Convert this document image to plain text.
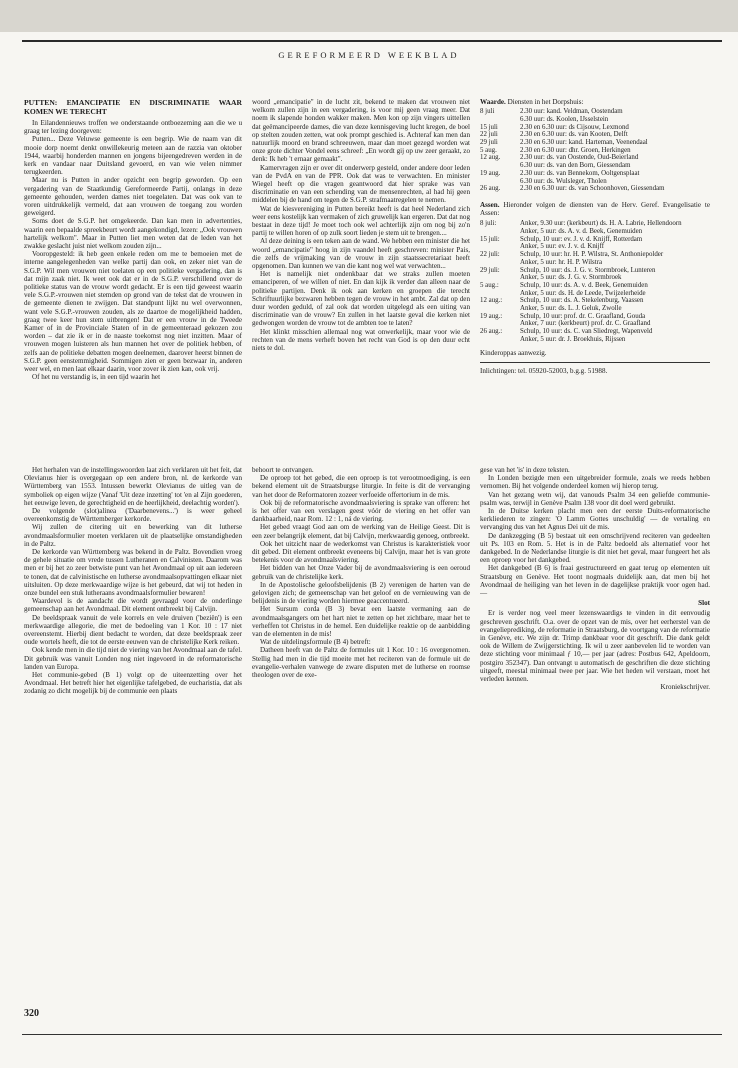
GEREFORMEERD WEEKBLAD
PUTTEN: EMANCIPATIE EN DISCRIMINATIE WAAR KOMEN WE TERECHT

In Eilandennieuws troffen we onderstaande ontboezeming aan die we u graag ter lezing doorgeven:

Putten... Deze Veluwse gemeente is een begrip. Wie de naam van dit mooie dorp noemt denkt onwillekeurig meteen aan de razzia van oktober 1944, waarbij honderden mannen en jongens bijeengedreven werden in de kerk en vandaar naar Duitsland gevoerd, en van wie velen nimmer terugkeerden.

Maar nu is Putten in ander opzicht een begrip geworden. Op een vergadering van de Staatkundig Gereformeerde Partij, onlangs in deze gemeente gehouden, werden dames niet toegelaten. Dat was ook van te voren uitdrukkelijk vermeld, dat aan vrouwen de toegang zou worden geweigerd.

Soms doet de S.G.P. het omgekeerde. Dan kan men in advertenties, waarin een bepaalde spreekbeurt wordt aangekondigd, lezen: „Ook vrouwen hartelijk welkom". Maar in Putten liet men weten dat de leden van het zwakke geslacht juist niet welkom zouden zijn...

Vooropgesteld: ik heb geen enkele reden om me te bemoeien met de interne aangelegenheden van welke partij dan ook, en zeker niet van de S.G.P. Wil men vrouwen niet toelaten op een politieke vergadering, dan is dat mijn zaak niet. Ik weet ook dat er in de S.G.P. verschillend over de politieke status van de vrouw wordt gedacht. Er is een tijd geweest waarin vele S.G.P.-vrouwen niet stemden op grond van de tekst dat de vrouwen in de gemeente dienen te zwijgen. Dat standpunt lijkt nu wel overwonnen, want vele S.G.P.-vrouwen zouden, als ze daartoe de mogelijkheid hadden, graag twee keer hun stem uitbrengen! Dat er een vrouw in de Tweede Kamer of in de Provinciale Staten of in de gemeenteraad gekozen zou worden – dat zie ik er in de naaste toekomst nog niet inzitten. Maar of vrouwen mogen luisteren als hun mannen het over de politiek hebben, of zelfs aan de politieke debatten mogen deelnemen, daarover heerst binnen de S.G.P. geen eenstemmigheid. Sommigen zien er geen bezwaar in, anderen weer wel, en men laat elkaar daarin, voor zover ik zien kan, ook vrij.

Of het nu verstandig is, in een tijd waarin het

woord „emancipatie" in de lucht zit, bekend te maken dat vrouwen niet welkom zullen zijn in een vergadering, is voor mij geen vraag meer. Dat noem ik slapende honden wakker maken. Men kon op zijn vingers uittellen dat geëmancipeerde dames, die van deze kennisgeving lucht kregen, de boel op stelten zouden zetten, wat ook prompt geschied is. Achteraf kan men dan natuurlijk moord en brand schreeuwen, maar dan moet gezegd worden wat onze grote dichter Vondel eens schreef: „En wordt gij op uw zeer geraakt, zo denk: Ik heb 't ernaar gemaakt".

Kamervragen zijn er over dit onderwerp gesteld, onder andere door leden van de PvdA en van de PPR. Ook dat was te verwachten. En minister Wiegel heeft op die vragen geantwoord dat hier sprake was van discriminatie en van een schending van de mensenrechten, al had hij geen middelen bij de hand om tegen de S.G.P. strafmaatregelen te nemen.

Wat de kiesvereniging in Putten bereikt heeft is dat heel Nederland zich weer eens kostelijk kan vermaken of zich gruwelijk kan ergeren. Dat dat nog bestaat in deze tijd! Je moet toch ook wel achterlijk zijn om nog bij zo'n partij te willen horen of op zulk soort lieden je stem uit te brengen....

Al deze deining is een teken aan de wand. We hebben een minister die het woord „emancipatie" hoog in zijn vaandel heeft geschreven: minister Pais, die zelfs de vrijmaking van de vrouw in zijn staatssecretariaat heeft opgenomen. Dan kunnen we van die kant nog wel wat verwachten...

Het is namelijk niet ondenkbaar dat we straks zullen moeten emanciperen, of we willen of niet. En dan kijk ik verder dan alleen naar de politieke partijen. Denk ik ook aan kerken en groepen die terecht Schriftuurlijke bezwaren hebben tegen de vrouw in het ambt. Zal dat op den duur worden geduld, of zal ook dat worden uitgelegd als een uiting van discriminatie van de vrouw? En zullen in het laatste geval die kerken niet gedwongen worden de vrouw tot de ambten toe te laten?

Het klinkt misschien allemaal nog wat onwerkelijk, maar voor wie de rechten van de mens verheft boven het recht van God is op den duur echt niets te dol.

Waarde. Diensten in het Dorpshuis:
8 juli	2.30 uur: kand. Veldman, Oostendam
	6.30 uur: ds. Koolen, IJsselstein
15 juli	2.30 en 6.30 uur: ds Cijsouw, Lexmond
22 juli	2.30 en 6.30 uur: ds. van Kooten, Delft
29 juli	2.30 en 6.30 uur: kand. Harteman, Veenendaal
5 aug.	2.30 en 6.30 uur: dhr. Groen, Herkingen
12 aug.	2.30 uur: ds. van Oostende, Oud-Beierland
	6.30 uur: ds. van den Born, Giessendam
19 aug.	2.30 uur: ds. van Bennekom, Ooltgensplaat
	6.30 uur: ds. Wulsleger, Tholen
26 aug.	2.30 en 6.30 uur: ds. van Schoonhoven, Giessendam
Assen. Hieronder volgen de diensten van de Herv. Geref. Evangelisatie te Assen:
8 juli:	Anker, 9.30 uur: (kerkbeurt) ds. H. A. Labrie, Hellendoorn
	Anker, 5 uur: ds. A. v. d. Beek, Genemuiden
15 juli:	Schulp, 10 uur: ev. J. v. d. Knijff, Rotterdam
	Anker, 5 uur: ev. J. v. d. Knijff
22 juli:	Schulp, 10 uur: hr. H. P. Wilstra, St. Anthoniepolder
	Anker, 5 uur: hr. H. P. Wilstra
29 juli:	Schulp, 10 uur: ds. J. G. v. Stormbroek, Lunteren
	Anker, 5 uur: ds. J. G. v. Stormbroek
5 aug.:	Schulp, 10 uur: ds. A. v. d. Beek, Genemuiden
	Anker, 5 uur: ds. H. de Leede, Twijzelerheide
12 aug.:	Schulp, 10 uur: ds. A. Stekelenburg, Vaassen
	Anker, 5 uur: ds. L. J. Geluk, Zwolle
19 aug.:	Schulp, 10 uur: prof. dr. C. Graafland, Gouda
	Anker, 7 uur: (kerkbeurt) prof. dr. C. Graafland
26 aug.:	Schulp, 10 uur: ds. C. van Sliedregt, Wapenveld
	Anker, 5 uur: dr. J. Broekhuis, Rijssen
Kinderoppas aanwezig.
Inlichtingen: tel. 05920-52003, b.g.g. 51988.

Het herhalen van de instellingswoorden laat zich verklaren uit het feit, dat Olevianus hier is overgegaan op een andere bron, nl. de kerkorde van Württemberg van 1553. Intussen bewerkt Olevianus de uitleg van de symboliek op eigen wijze (Vanaf 'Uit deze inzetting' tot 'en al Zijn goederen, het eeuwige leven, de gerechtigheid en de heerlijkheid, deelachtig worden').

De volgende (slot)alinea ('Daarbenevens...') is weer geheel overeenkomstig de Württemberger kerkorde.

Wij zullen de citering uit en bewerking van dit lutherse avondmaalsformulier moeten verklaren uit de plaatselijke omstandigheden in de Paltz.

De kerkorde van Württemberg was bekend in de Paltz. Bovendien vroeg de gehele situatie om vrede tussen Lutheranen en Calvinisten. Daarom was men er bij het zo zeer betwiste punt van het Avondmaal op uit aan iedereen te tonen, dat de calvinistische en lutherse avondmaalsopvattingen elkaar niet uitsluiten. Op deze merkwaardige wijze is het gebeurd, dat wij tot heden in onze bundel een stuk lutheraans avondmaalsformulier bewaren!

Waardevol is de aandacht die wordt gevraagd voor de onderlinge gemeenschap aan het Avondmaal. Dit element ontbreekt bij Calvijn.

De beeldspraak vanuit de vele korrels en vele druiven ('beziën') is een merkwaardige allegorie, die met de bedoeling van 1 Kor. 10 : 17 niet overeenstemt. Hierbij dient bedacht te worden, dat deze beeldspraak zeer oude wortels heeft, die tot de eerste eeuwen van de christelijke Kerk reiken.

Ook kende men in die tijd niet de viering van het Avondmaal aan de tafel. Dit gebruik was vanuit Londen nog niet ingevoerd in de reformatorische landen van Europa.

Het communie-gebed (B 1) volgt op de uiteenzetting over het Avondmaal. Het betreft hier het eigenlijke tafelgebed, de eucharistia, dat als zodanig zo dicht mogelijk bij de communie een plaats

behoort te ontvangen.

De oproep tot het gebed, die een oproep is tot verootmoediging, is een bekend element uit de Straatsburgse liturgie. In feite is dit de vervanging van het door de Reformatoren zozeer verfoeide offertorium in de mis.

Ook bij de reformatorische avondmaalsviering is sprake van offeren: het is het offer van een verslagen geest vóór de viering en het offer van dankbaarheid, naar Rom. 12 : 1, ná de viering.

Het gebed vraagt God aan om de werking van de Heilige Geest. Dit is een zeer belangrijk element, dat bij Calvijn, merkwaardig genoeg, ontbreekt.

Ook het uitzicht naar de wederkomst van Christus is karakteristiek voor dit gebed. Dit element ontbreekt eveneens bij Calvijn, maar het is van grote betekenis voor de avondmaalsviering.

Het bidden van het Onze Vader bij de avondmaalsviering is een oeroud gebruik van de christelijke kerk.

In de Apostolische geloofsbelijdenis (B 2) verenigen de harten van de gelovigen zich; de gemeenschap van het geloof en de vernieuwing van de belijdenis in de viering worden hiermee geaccentueerd.

Het Sursum corda (B 3) bevat een laatste vermaning aan de avondmaalsgangers om het hart niet te zetten op het zichtbare, maar het te verheffen tot Christus in de hemel. Een duidelijke reaktie op de aanbidding van de elementen in de mis!

Wat de uitdelingsformule (B 4) betreft:

Datheen heeft van de Paltz de formules uit 1 Kor. 10 : 16 overgenomen. Stellig had men in die tijd moeite met het reciteren van de formule uit de evangelie-verhalen vanwege de zware disputen met de lutherse en roomse theologen over de exe-

gese van het 'is' in deze teksten.

In Londen bezigde men een uitgebreider formule, zoals we reeds hebben vernomen. Bij het volgende onderdeel komen wij hierop terug.

Van het gezang wetn wij, dat vanouds Psalm 34 een geliefde communie-psalm was, terwijl in Genève Psalm 138 voor dit doel werd gebruikt.

In de Duitse kerken placht men een der eerste Duits-reformatorische kerkliederen te zingen: 'O Lamm Gottes unschuldig' — de vertaling en vervanging dus van het Agnus Dei uit de mis.

De dankzegging (B 5) bestaat uit een omschrijvend reciteren van gedeelten uit Ps. 103 en Rom. 5. Het is in de Paltz bedoeld als alternatief voor het dankgebed. In de Nederlandse liturgie is dit niet het geval, maar fungeert het als een oproep voor het dankgebed.

Het dankgebed (B 6) is fraai gestructureerd en gaat terug op elementen uit Straatsburg en Genève. Het toont nogmaals duidelijk aan, dat men bij het Avondmaal de heiliging van het leven in de dagelijkse praktijk voor ogen had. —

Slot

Er is verder nog veel meer lezenswaardigs te vinden in dit eenvoudig geschreven geschrift. O.a. over de opzet van de mis, over het eerherstel van de evangelieprediking, de reformatie in Straatsburg, de voortgang van de reformatie in Genève, etc. We zijn dr. Trimp dankbaar voor dit geschrift. Die dank geldt ook de Willem de Zwijgerstichting. Ik wil u zeer aanbevelen lid te worden van deze stichting voor minimaal ƒ 10,— per jaar (adres: Postbus 642, Apeldoorn, postgiro 352347). Dan ontvangt u automatisch de geschriften die deze stichting uitgeeft, meestal minimaal twee per jaar. Wie het heden wil verstaan, moet het verleden kennen.

Kroniekschrijver.
320
